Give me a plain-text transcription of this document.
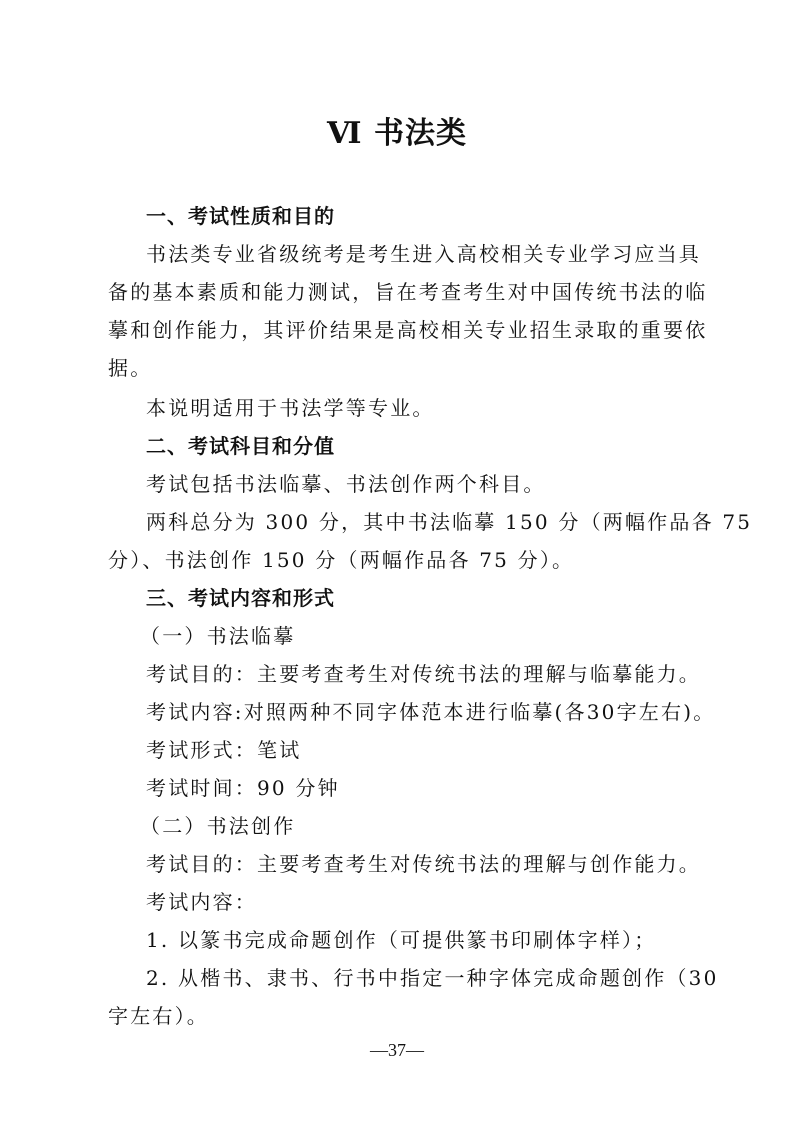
Ⅵ 书法类
一、考试性质和目的
书法类专业省级统考是考生进入高校相关专业学习应当具
备的基本素质和能力测试，旨在考查考生对中国传统书法的临
摹和创作能力，其评价结果是高校相关专业招生录取的重要依
据。
本说明适用于书法学等专业。
二、考试科目和分值
考试包括书法临摹、书法创作两个科目。
两科总分为 300 分，其中书法临摹 150 分（两幅作品各 75
分）、书法创作 150 分（两幅作品各 75 分）。
三、考试内容和形式
（一）书法临摹
考试目的：主要考查考生对传统书法的理解与临摹能力。
考试内容:对照两种不同字体范本进行临摹(各30字左右)。
考试形式：笔试
考试时间：90 分钟
（二）书法创作
考试目的：主要考查考生对传统书法的理解与创作能力。
考试内容：
1. 以篆书完成命题创作（可提供篆书印刷体字样）；
2. 从楷书、隶书、行书中指定一种字体完成命题创作（30
字左右）。
—37—
